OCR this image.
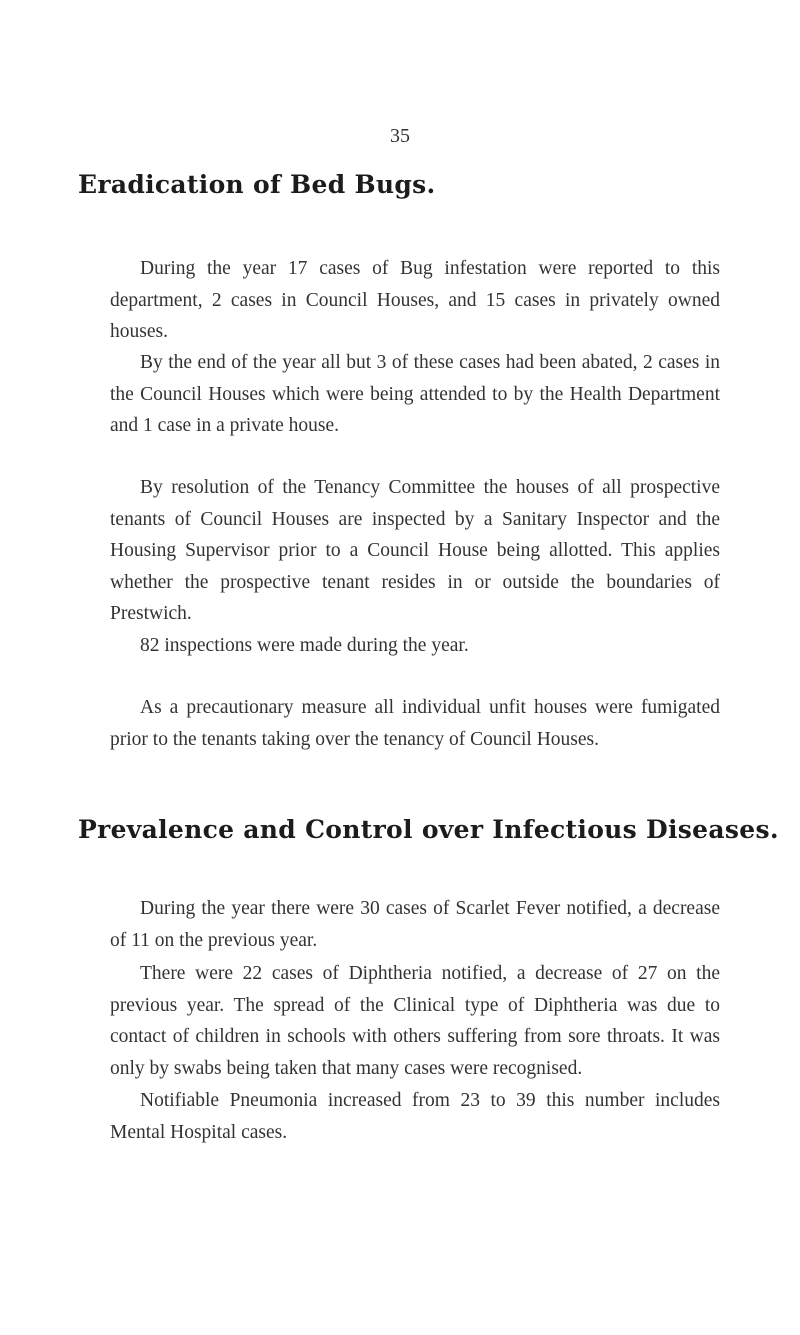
35
Eradication of Bed Bugs.

During the year 17 cases of Bug infestation were reported to this department, 2 cases in Council Houses, and 15 cases in privately owned houses.

By the end of the year all but 3 of these cases had been abated, 2 cases in the Council Houses which were being attended to by the Health Department and 1 case in a private house.

By resolution of the Tenancy Committee the houses of all prospective tenants of Council Houses are inspected by a Sanitary Inspector and the Housing Supervisor prior to a Council House being allotted. This applies whether the prospective tenant resides in or outside the boundaries of Prestwich.

82 inspections were made during the year.

As a precautionary measure all individual unfit houses were fumigated prior to the tenants taking over the tenancy of Council Houses.

Prevalence and Control over Infectious Diseases.

During the year there were 30 cases of Scarlet Fever notified, a decrease of 11 on the previous year.

There were 22 cases of Diphtheria notified, a decrease of 27 on the previous year. The spread of the Clinical type of Diphtheria was due to contact of children in schools with others suffering from sore throats. It was only by swabs being taken that many cases were recognised.

Notifiable Pneumonia increased from 23 to 39 this number includes Mental Hospital cases.
